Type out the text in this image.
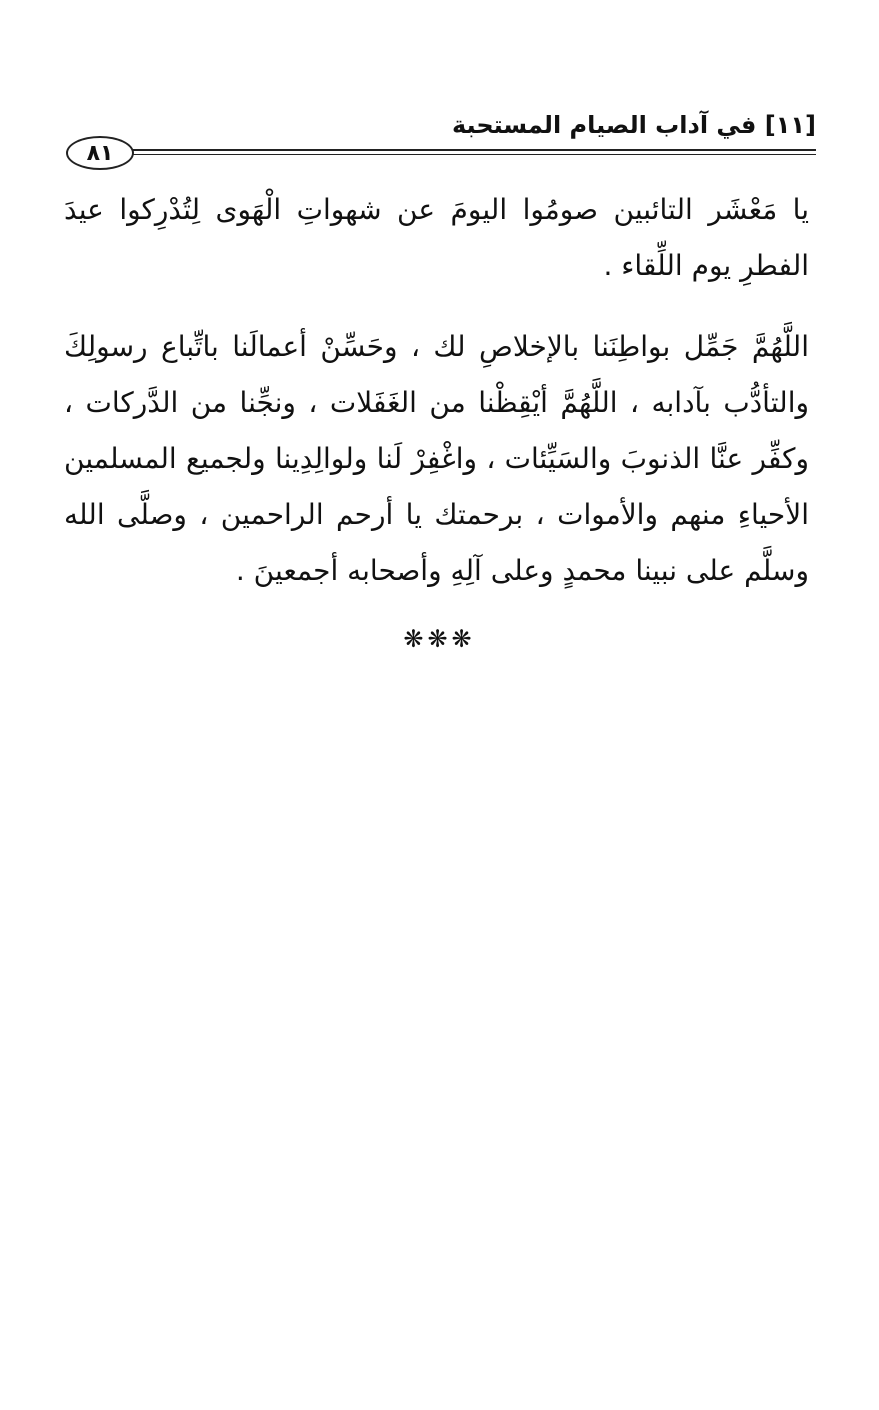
[١١] في آداب الصيام المستحبة
٨١

يا مَعْشَر التائبين صومُوا اليومَ عن شهواتِ الْهَوى لِتُدْرِكوا عيدَ الفطرِ يوم اللِّقاء .

اللَّهُمَّ جَمِّل بواطِنَنا بالإخلاصِ لك ، وحَسِّنْ أعمالَنا باتِّباع رسولِكَ والتأدُّب بآدابه ، اللَّهُمَّ أيْقِظْنا من الغَفَلات ، ونجِّنا من الدَّركات ، وكفِّر عنَّا الذنوبَ والسَيِّئات ، واغْفِرْ لَنا ولوالِدِينا ولجميع المسلمين الأحياءِ منهم والأموات ، برحمتك يا أرحم الراحمين ، وصلَّى الله وسلَّم على نبينا محمدٍ وعلى آلِهِ وأصحابه أجمعينَ .

❋❋❋
